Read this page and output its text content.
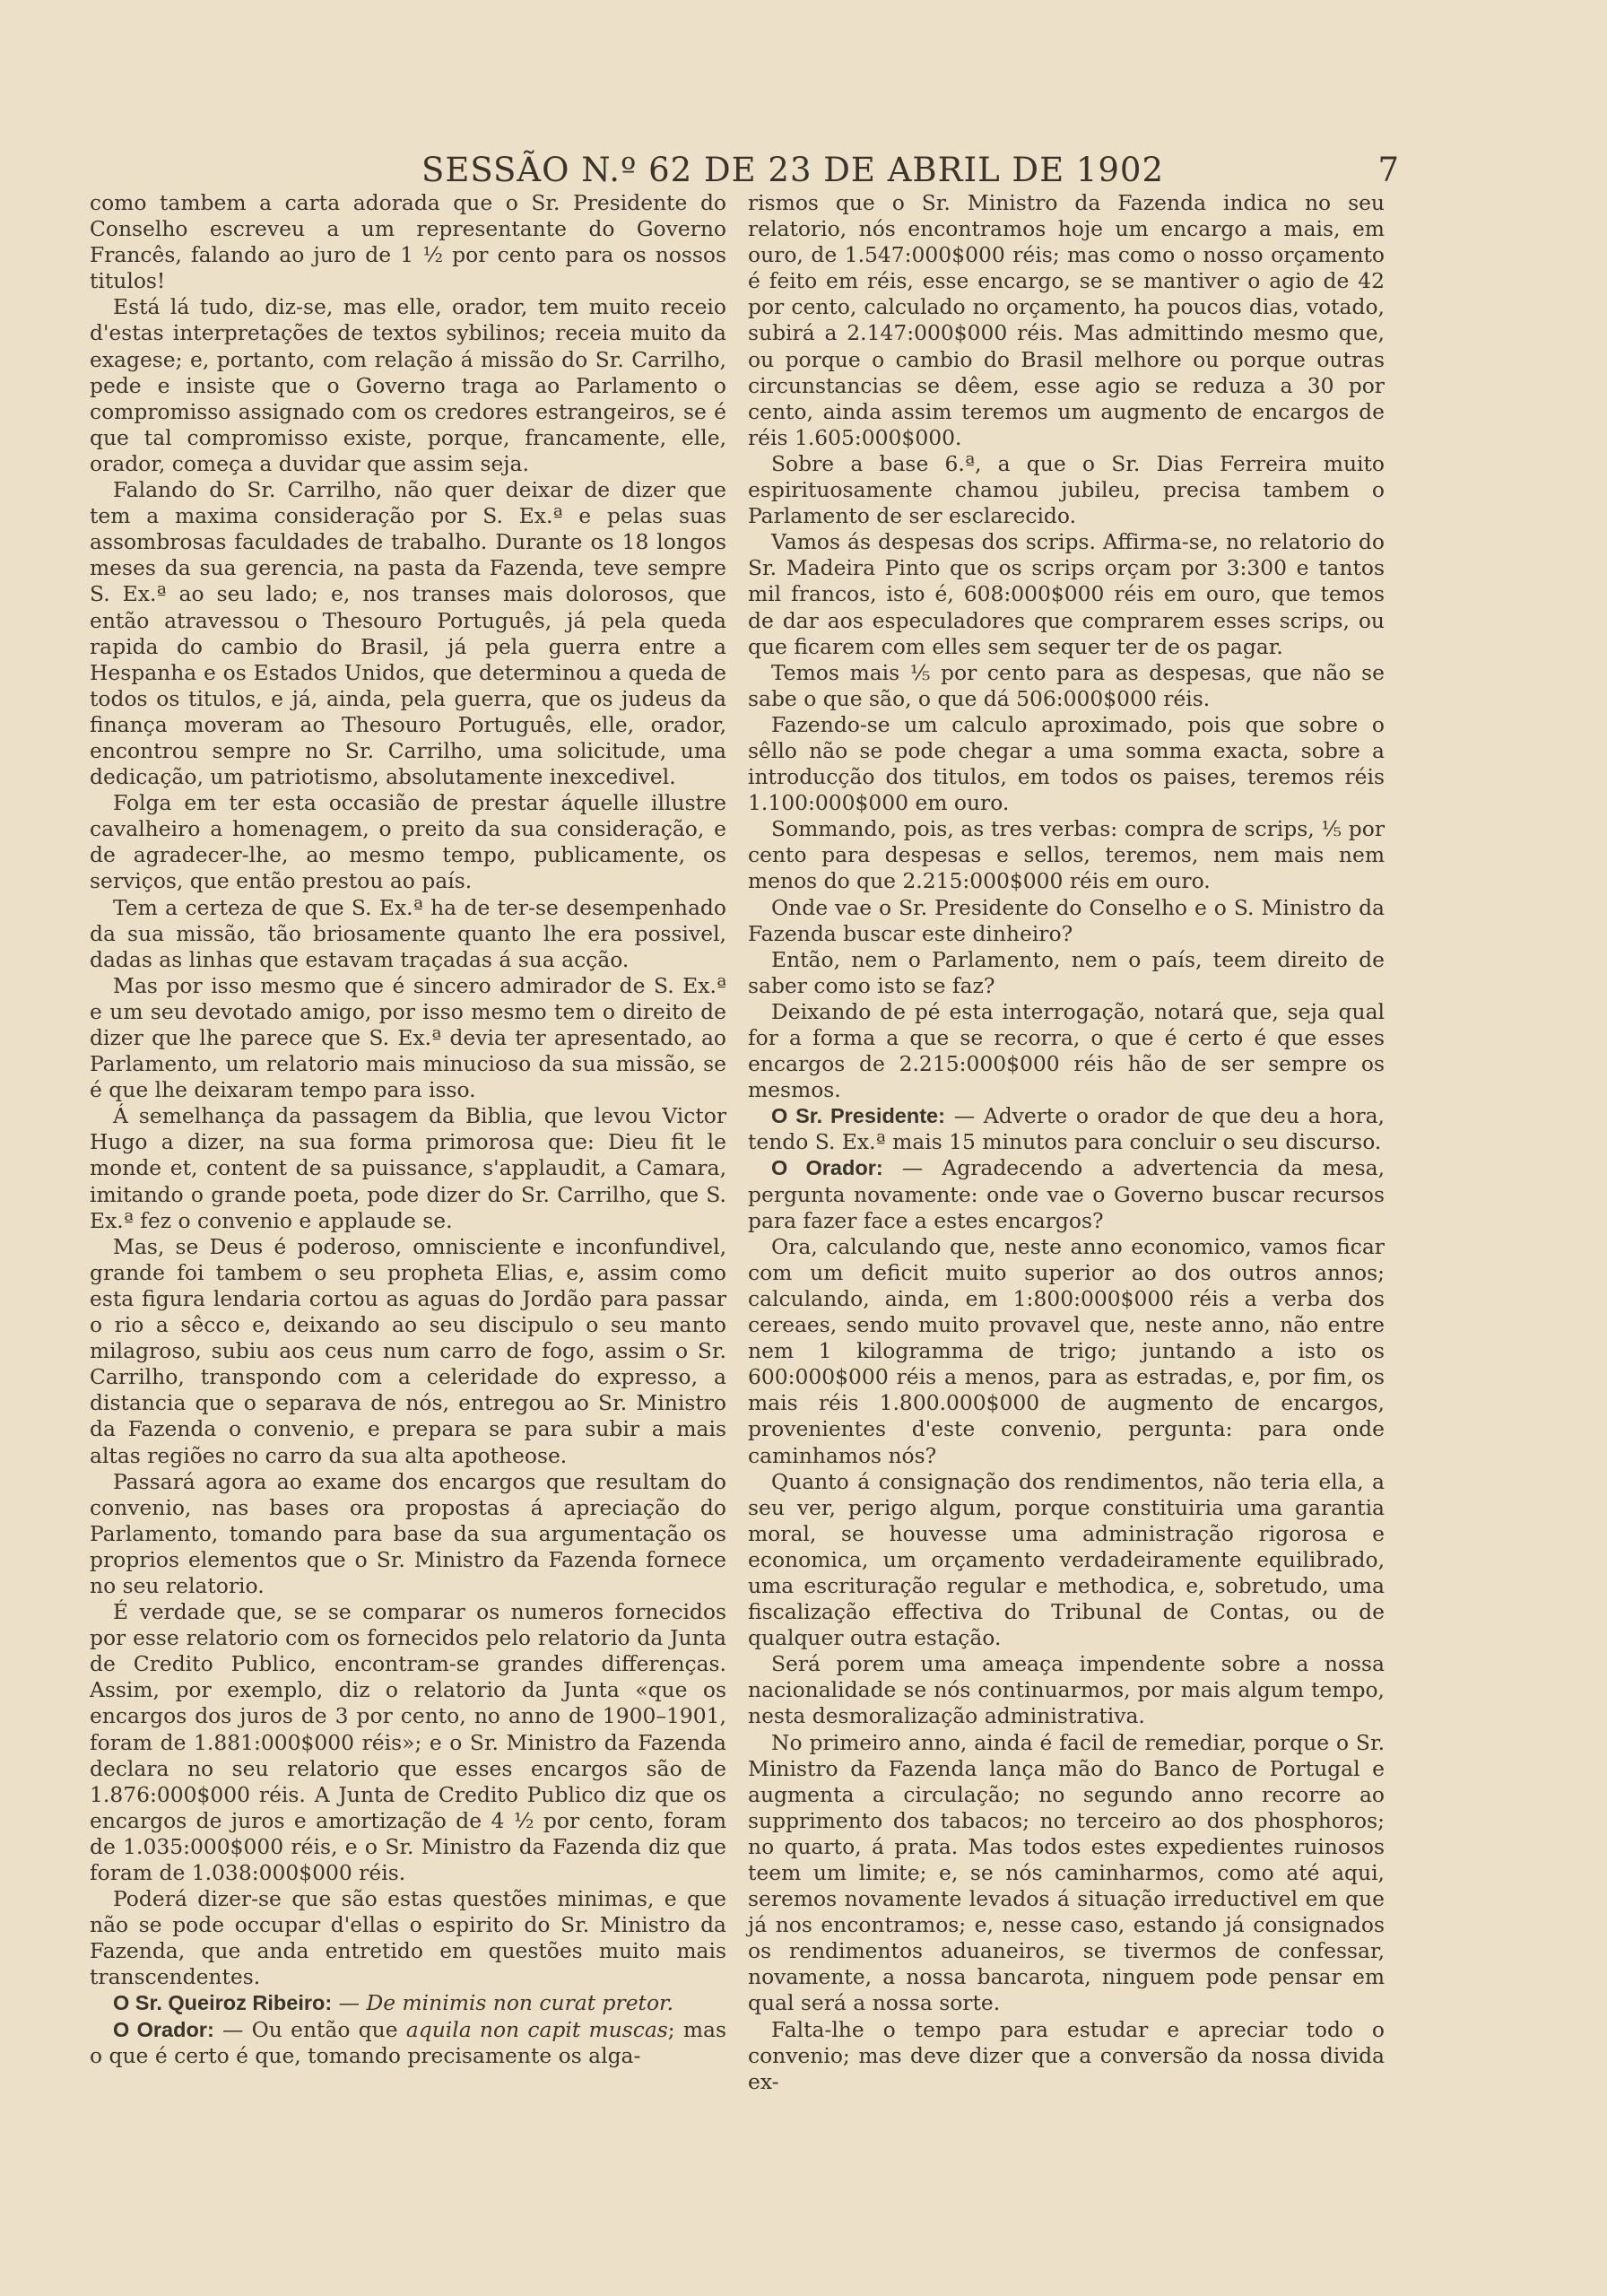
SESSÃO N.º 62 DE 23 DE ABRIL DE 1902	7

como tambem a carta adorada que o Sr. Presidente do Conselho escreveu a um representante do Governo Francês, falando ao juro de 1 ½ por cento para os nossos titulos!

Está lá tudo, diz-se, mas elle, orador, tem muito receio d'estas interpretações de textos sybilinos; receia muito da exagese; e, portanto, com relação á missão do Sr. Carrilho, pede e insiste que o Governo traga ao Parlamento o compromisso assignado com os credores estrangeiros, se é que tal compromisso existe, porque, francamente, elle, orador, começa a duvidar que assim seja.

Falando do Sr. Carrilho, não quer deixar de dizer que tem a maxima consideração por S. Ex.ª e pelas suas assombrosas faculdades de trabalho. Durante os 18 longos meses da sua gerencia, na pasta da Fazenda, teve sempre S. Ex.ª ao seu lado; e, nos transes mais dolorosos, que então atravessou o Thesouro Português, já pela queda rapida do cambio do Brasil, já pela guerra entre a Hespanha e os Estados Unidos, que determinou a queda de todos os titulos, e já, ainda, pela guerra, que os judeus da finança moveram ao Thesouro Português, elle, orador, encontrou sempre no Sr. Carrilho, uma solicitude, uma dedicação, um patriotismo, absolutamente inexcedivel.

Folga em ter esta occasião de prestar áquelle illustre cavalheiro a homenagem, o preito da sua consideração, e de agradecer-lhe, ao mesmo tempo, publicamente, os serviços, que então prestou ao país.

Tem a certeza de que S. Ex.ª ha de ter-se desempenhado da sua missão, tão briosamente quanto lhe era possivel, dadas as linhas que estavam traçadas á sua acção.

Mas por isso mesmo que é sincero admirador de S. Ex.ª e um seu devotado amigo, por isso mesmo tem o direito de dizer que lhe parece que S. Ex.ª devia ter apresentado, ao Parlamento, um relatorio mais minucioso da sua missão, se é que lhe deixaram tempo para isso.

Á semelhança da passagem da Biblia, que levou Victor Hugo a dizer, na sua forma primorosa que: Dieu fit le monde et, content de sa puissance, s'applaudit, a Camara, imitando o grande poeta, pode dizer do Sr. Carrilho, que S. Ex.ª fez o convenio e applaude se.

Mas, se Deus é poderoso, omnisciente e inconfundivel, grande foi tambem o seu propheta Elias, e, assim como esta figura lendaria cortou as aguas do Jordão para passar o rio a sêcco e, deixando ao seu discipulo o seu manto milagroso, subiu aos ceus num carro de fogo, assim o Sr. Carrilho, transpondo com a celeridade do expresso, a distancia que o separava de nós, entregou ao Sr. Ministro da Fazenda o convenio, e prepara se para subir a mais altas regiões no carro da sua alta apotheose.

Passará agora ao exame dos encargos que resultam do convenio, nas bases ora propostas á apreciação do Parlamento, tomando para base da sua argumentação os proprios elementos que o Sr. Ministro da Fazenda fornece no seu relatorio.

É verdade que, se se comparar os numeros fornecidos por esse relatorio com os fornecidos pelo relatorio da Junta de Credito Publico, encontram-se grandes differenças. Assim, por exemplo, diz o relatorio da Junta «que os encargos dos juros de 3 por cento, no anno de 1900–1901, foram de 1.881:000$000 réis»; e o Sr. Ministro da Fazenda declara no seu relatorio que esses encargos são de 1.876:000$000 réis. A Junta de Credito Publico diz que os encargos de juros e amortização de 4 ½ por cento, foram de 1.035:000$000 réis, e o Sr. Ministro da Fazenda diz que foram de 1.038:000$000 réis.

Poderá dizer-se que são estas questões minimas, e que não se pode occupar d'ellas o espirito do Sr. Ministro da Fazenda, que anda entretido em questões muito mais transcendentes.

O Sr. Queiroz Ribeiro: — De minimis non curat pretor.

O Orador: — Ou então que aquila non capit muscas; mas o que é certo é que, tomando precisamente os alga-

rismos que o Sr. Ministro da Fazenda indica no seu relatorio, nós encontramos hoje um encargo a mais, em ouro, de 1.547:000$000 réis; mas como o nosso orçamento é feito em réis, esse encargo, se se mantiver o agio de 42 por cento, calculado no orçamento, ha poucos dias, votado, subirá a 2.147:000$000 réis. Mas admittindo mesmo que, ou porque o cambio do Brasil melhore ou porque outras circunstancias se dêem, esse agio se reduza a 30 por cento, ainda assim teremos um augmento de encargos de réis 1.605:000$000.

Sobre a base 6.ª, a que o Sr. Dias Ferreira muito espirituosamente chamou jubileu, precisa tambem o Parlamento de ser esclarecido.

Vamos ás despesas dos scrips. Affirma-se, no relatorio do Sr. Madeira Pinto que os scrips orçam por 3:300 e tantos mil francos, isto é, 608:000$000 réis em ouro, que temos de dar aos especuladores que comprarem esses scrips, ou que ficarem com elles sem sequer ter de os pagar.

Temos mais ⅕ por cento para as despesas, que não se sabe o que são, o que dá 506:000$000 réis.

Fazendo-se um calculo aproximado, pois que sobre o sêllo não se pode chegar a uma somma exacta, sobre a introducção dos titulos, em todos os paises, teremos réis 1.100:000$000 em ouro.

Sommando, pois, as tres verbas: compra de scrips, ⅕ por cento para despesas e sellos, teremos, nem mais nem menos do que 2.215:000$000 réis em ouro.

Onde vae o Sr. Presidente do Conselho e o S. Ministro da Fazenda buscar este dinheiro?

Então, nem o Parlamento, nem o país, teem direito de saber como isto se faz?

Deixando de pé esta interrogação, notará que, seja qual for a forma a que se recorra, o que é certo é que esses encargos de 2.215:000$000 réis hão de ser sempre os mesmos.

O Sr. Presidente: — Adverte o orador de que deu a hora, tendo S. Ex.ª mais 15 minutos para concluir o seu discurso.

O Orador: — Agradecendo a advertencia da mesa, pergunta novamente: onde vae o Governo buscar recursos para fazer face a estes encargos?

Ora, calculando que, neste anno economico, vamos ficar com um deficit muito superior ao dos outros annos; calculando, ainda, em 1:800:000$000 réis a verba dos cereaes, sendo muito provavel que, neste anno, não entre nem 1 kilogramma de trigo; juntando a isto os 600:000$000 réis a menos, para as estradas, e, por fim, os mais réis 1.800.000$000 de augmento de encargos, provenientes d'este convenio, pergunta: para onde caminhamos nós?

Quanto á consignação dos rendimentos, não teria ella, a seu ver, perigo algum, porque constituiria uma garantia moral, se houvesse uma administração rigorosa e economica, um orçamento verdadeiramente equilibrado, uma escrituração regular e methodica, e, sobretudo, uma fiscalização effectiva do Tribunal de Contas, ou de qualquer outra estação.

Será porem uma ameaça impendente sobre a nossa nacionalidade se nós continuarmos, por mais algum tempo, nesta desmoralização administrativa.

No primeiro anno, ainda é facil de remediar, porque o Sr. Ministro da Fazenda lança mão do Banco de Portugal e augmenta a circulação; no segundo anno recorre ao supprimento dos tabacos; no terceiro ao dos phosphoros; no quarto, á prata. Mas todos estes expedientes ruinosos teem um limite; e, se nós caminharmos, como até aqui, seremos novamente levados á situação irreductivel em que já nos encontramos; e, nesse caso, estando já consignados os rendimentos aduaneiros, se tivermos de confessar, novamente, a nossa bancarota, ninguem pode pensar em qual será a nossa sorte.

Falta-lhe o tempo para estudar e apreciar todo o convenio; mas deve dizer que a conversão da nossa divida ex-
